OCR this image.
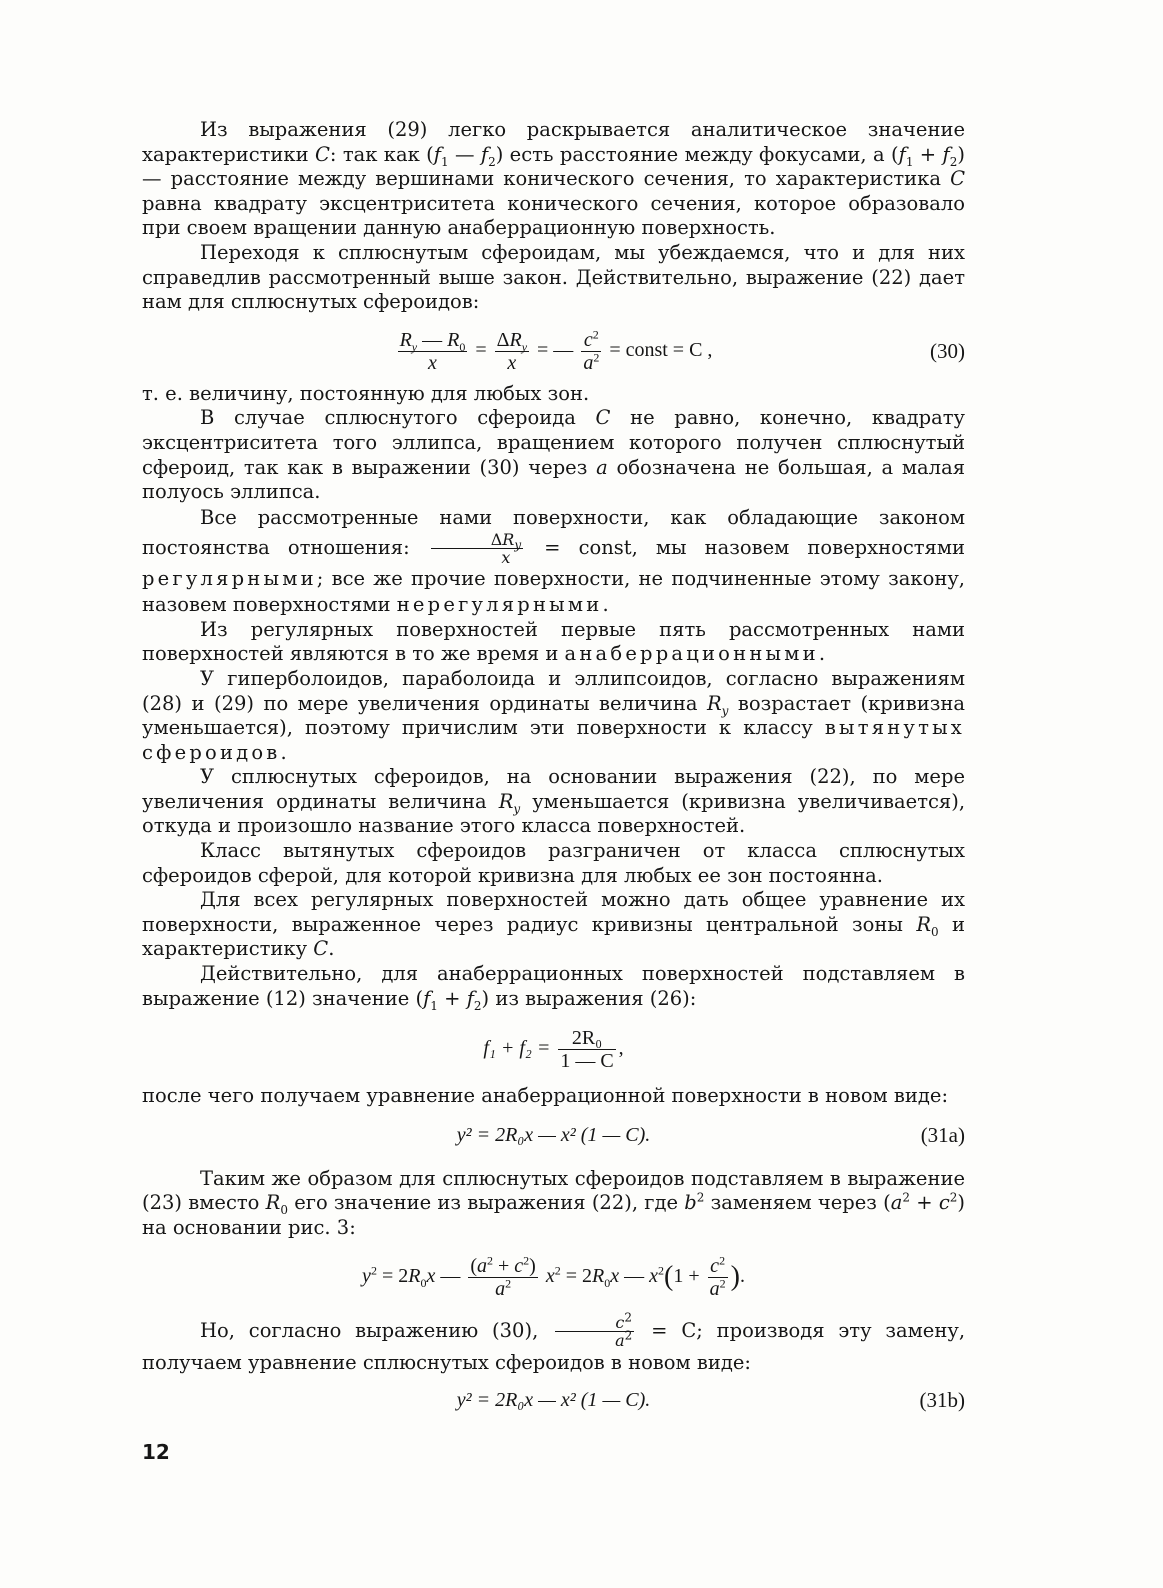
Из выражения (29) легко раскрывается аналитическое значение характеристики C: так как ($f_1$ — $f_2$) есть расстояние между фокусами, а $(f_1 + f_2)$ — расстояние между вершинами конического сечения, то характеристика C равна квадрату эксцентриситета конического сечения, которое образовало при своем вращении данную анаберрационную поверхность.

Переходя к сплюснутым сфероидам, мы убеждаемся, что и для них справедлив рассмотренный выше закон. Действительно, выражение (22) дает нам для сплюснутых сфероидов:

$\frac{R_y — R_0}{x} = \frac{\Delta R_y}{x}$ = — $\frac{c^2}{a^2}$ = const = C ,	(30)

т. е. величину, постоянную для любых зон.

В случае сплюснутого сфероида C не равно, конечно, квадрату эксцентриситета того эллипса, вращением которого получен сплюснутый сфероид, так как в выражении (30) через a обозначена не большая, а малая полуось эллипса.

Все рассмотренные нами поверхности, как обладающие законом постоянства отношения: $\frac{\Delta R_y}{x}$ = const, мы назовем поверхностями регулярными; все же прочие поверхности, не подчиненные этому закону, назовем поверхностями нерегулярными.

Из регулярных поверхностей первые пять рассмотренных нами поверхностей являются в то же время и анаберрационными.

У гиперболоидов, параболоида и эллипсоидов, согласно выражениям (28) и (29) по мере увеличения ординаты величина $R_y$ возрастает (кривизна уменьшается), поэтому причислим эти поверхности к классу вытянутых сфероидов.

У сплюснутых сфероидов, на основании выражения (22), по мере увеличения ординаты величина $R_y$ уменьшается (кривизна увеличивается), откуда и произошло название этого класса поверхностей.

Класс вытянутых сфероидов разграничен от класса сплюснутых сфероидов сферой, для которой кривизна для любых ее зон постоянна.

Для всех регулярных поверхностей можно дать общее уравнение их поверхности, выраженное через радиус кривизны центральной зоны $R_0$ и характеристику C.

Действительно, для анаберрационных поверхностей подставляем в выражение (12) значение $(f_1 + f_2)$ из выражения (26):

$f_1 + f_2 = \frac{\text{2R₀}}{1 — C}$ ,

после чего получаем уравнение анаберрационной поверхности в новом виде:

y² = 2R₀x — x² (1 — C).	(31a)

Таким же образом для сплюснутых сфероидов подставляем в выражение (23) вместо $R_0$ его значение из выражения (22), где $b^2$ заменяем через $(a^2 + c^2)$ на основании рис. 3:

$y^2 = 2R_0x$ — $\frac{(a^2 + c^2)}{a^2} x^2 = 2R_0x$ — $x^2(1 + \frac{c^2}{a^2}$ ).

Но, согласно выражению (30), $\frac{c^2}{a^2} = C$; производя эту замену, получаем уравнение сплюснутых сфероидов в новом виде:

y² = 2R₀x — x² (1 — C).	(31b)
12
